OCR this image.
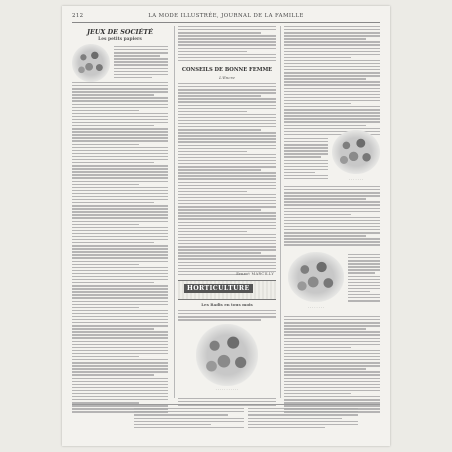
212	LA MODE ILLUSTRÉE, JOURNAL DE LA FAMILLE
JEUX DE SOCIÉTÉ
Les petits papiers
CONSEILS DE BONNE FEMME
L'Encre
Ernest MARCILLY
HORTICULTURE
Les Radis en tous mois
· · · · · · · · · · ·
· · · · · · ·
· · · · · · · ·
